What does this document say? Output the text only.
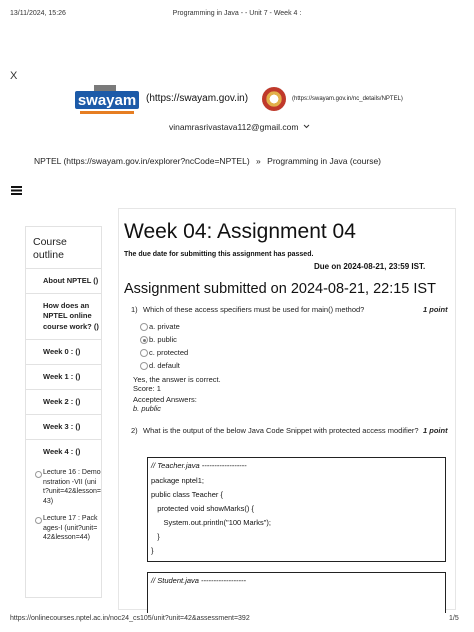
13/11/2024, 15:26	Programming in Java - - Unit 7 - Week 4 :
X
swayam (https://swayam.gov.in)	(https://swayam.gov.in/nc_details/NPTEL)
vinamrasrivastava112@gmail.com
NPTEL (https://swayam.gov.in/explorer?ncCode=NPTEL) » Programming in Java (course)
Course outline
About NPTEL ()
How does an NPTEL online course work? ()
Week 0 : ()
Week 1 : ()
Week 2 : ()
Week 3 : ()
Week 4 : ()
Lecture 16 : Demonstration -VII (unit?unit=42&lesson=43)
Lecture 17 : Packages-I (unit?unit=42&lesson=44)
Week 04: Assignment 04
The due date for submitting this assignment has passed.
Due on 2024-08-21, 23:59 IST.
Assignment submitted on 2024-08-21, 22:15 IST
1) Which of these access specifiers must be used for main() method?	1 point
a. private
b. public
c. protected
d. default
Yes, the answer is correct.
Score: 1
Accepted Answers:
b. public
2) What is the output of the below Java Code Snippet with protected access modifier? 1 point
// Teacher.java ------------------
package nptel1;
public class Teacher {
protected void showMarks() {
System.out.println("100 Marks");
}
}
// Student.java ------------------
https://onlinecourses.nptel.ac.in/noc24_cs105/unit?unit=42&assessment=392	1/5
